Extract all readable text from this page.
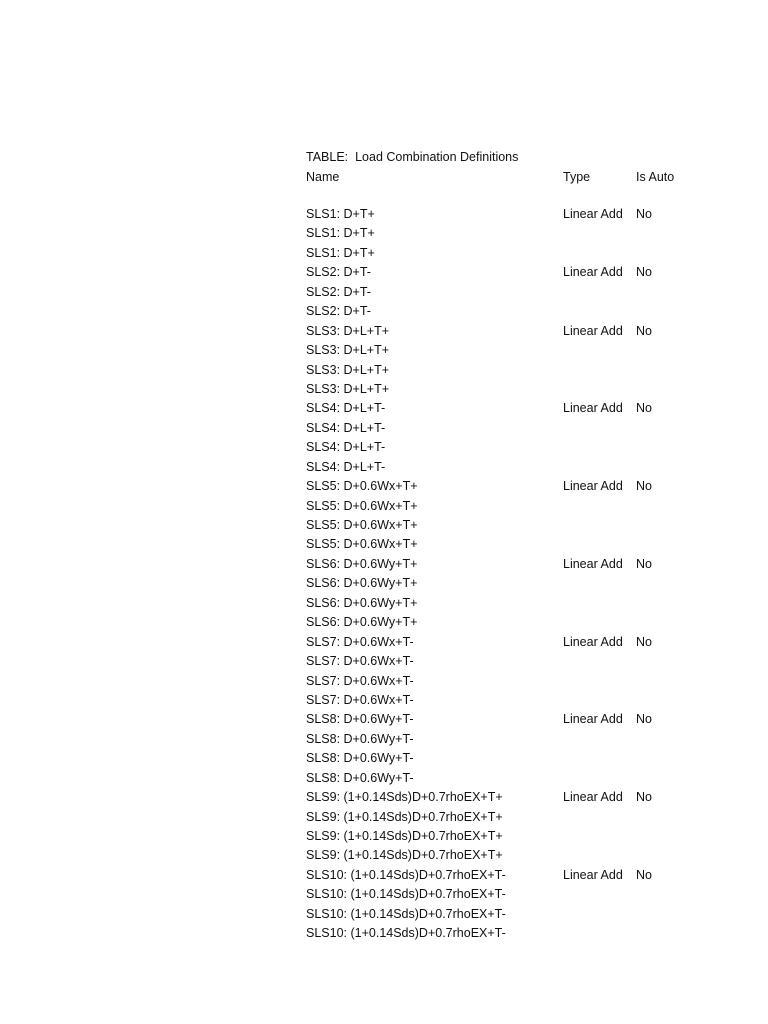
TABLE:  Load Combination Definitions
Name	Type	Is Auto
SLS1: D+T+	Linear Add	No
SLS1: D+T+
SLS1: D+T+
SLS2: D+T-	Linear Add	No
SLS2: D+T-
SLS2: D+T-
SLS3: D+L+T+	Linear Add	No
SLS3: D+L+T+
SLS3: D+L+T+
SLS3: D+L+T+
SLS4: D+L+T-	Linear Add	No
SLS4: D+L+T-
SLS4: D+L+T-
SLS4: D+L+T-
SLS5: D+0.6Wx+T+	Linear Add	No
SLS5: D+0.6Wx+T+
SLS5: D+0.6Wx+T+
SLS5: D+0.6Wx+T+
SLS6: D+0.6Wy+T+	Linear Add	No
SLS6: D+0.6Wy+T+
SLS6: D+0.6Wy+T+
SLS6: D+0.6Wy+T+
SLS7: D+0.6Wx+T-	Linear Add	No
SLS7: D+0.6Wx+T-
SLS7: D+0.6Wx+T-
SLS7: D+0.6Wx+T-
SLS8: D+0.6Wy+T-	Linear Add	No
SLS8: D+0.6Wy+T-
SLS8: D+0.6Wy+T-
SLS8: D+0.6Wy+T-
SLS9: (1+0.14Sds)D+0.7rhoEX+T+	Linear Add	No
SLS9: (1+0.14Sds)D+0.7rhoEX+T+
SLS9: (1+0.14Sds)D+0.7rhoEX+T+
SLS9: (1+0.14Sds)D+0.7rhoEX+T+
SLS10: (1+0.14Sds)D+0.7rhoEX+T-	Linear Add	No
SLS10: (1+0.14Sds)D+0.7rhoEX+T-
SLS10: (1+0.14Sds)D+0.7rhoEX+T-
SLS10: (1+0.14Sds)D+0.7rhoEX+T-
